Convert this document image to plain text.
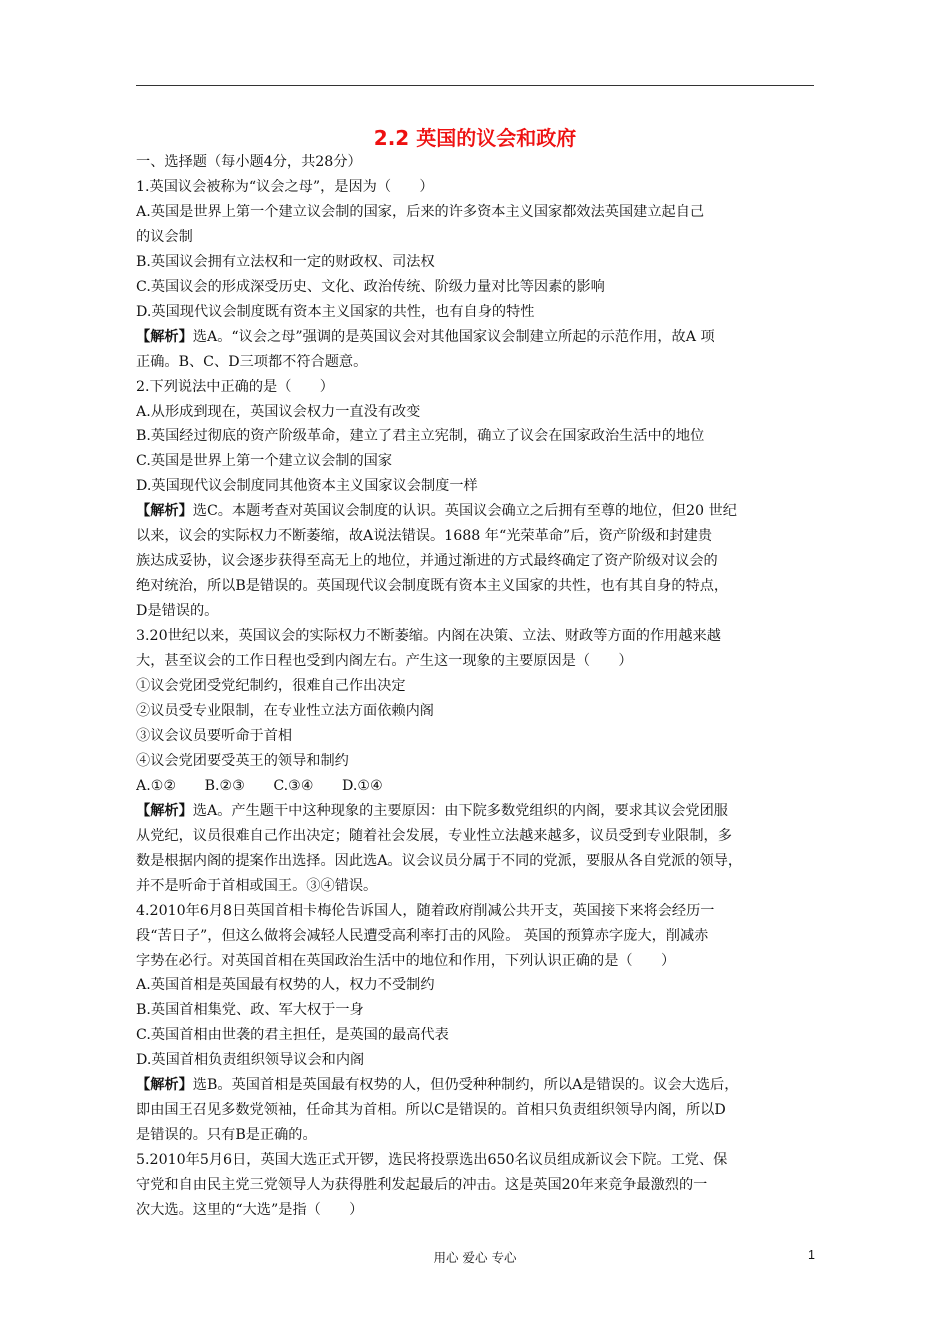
2.2 英国的议会和政府
一、选择题（每小题4分，共28分）
1.英国议会被称为“议会之母”，是因为（　　）
A.英国是世界上第一个建立议会制的国家，后来的许多资本主义国家都效法英国建立起自己
的议会制
B.英国议会拥有立法权和一定的财政权、司法权
C.英国议会的形成深受历史、文化、政治传统、阶级力量对比等因素的影响
D.英国现代议会制度既有资本主义国家的共性，也有自身的特性
【解析】选A。“议会之母”强调的是英国议会对其他国家议会制建立所起的示范作用，故A 项
正确。B、C、D三项都不符合题意。
2.下列说法中正确的是（　　）
A.从形成到现在，英国议会权力一直没有改变
B.英国经过彻底的资产阶级革命，建立了君主立宪制，确立了议会在国家政治生活中的地位
C.英国是世界上第一个建立议会制的国家
D.英国现代议会制度同其他资本主义国家议会制度一样
【解析】选C。本题考查对英国议会制度的认识。英国议会确立之后拥有至尊的地位，但20 世纪
以来，议会的实际权力不断萎缩，故A说法错误。1688 年“光荣革命”后，资产阶级和封建贵
族达成妥协，议会逐步获得至高无上的地位，并通过渐进的方式最终确定了资产阶级对议会的
绝对统治，所以B是错误的。英国现代议会制度既有资本主义国家的共性，也有其自身的特点，
D是错误的。
3.20世纪以来，英国议会的实际权力不断萎缩。内阁在决策、立法、财政等方面的作用越来越
大，甚至议会的工作日程也受到内阁左右。产生这一现象的主要原因是（　　）
①议会党团受党纪制约，很难自己作出决定
②议员受专业限制，在专业性立法方面依赖内阁
③议会议员要听命于首相
④议会党团要受英王的领导和制约
A.①②　　B.②③　　C.③④　　D.①④
【解析】选A。产生题干中这种现象的主要原因：由下院多数党组织的内阁，要求其议会党团服
从党纪，议员很难自己作出决定；随着社会发展，专业性立法越来越多，议员受到专业限制，多
数是根据内阁的提案作出选择。因此选A。议会议员分属于不同的党派，要服从各自党派的领导，
并不是听命于首相或国王。③④错误。
4.2010年6月8日英国首相卡梅伦告诉国人，随着政府削减公共开支，英国接下来将会经历一
段“苦日子”，但这么做将会减轻人民遭受高利率打击的风险。 英国的预算赤字庞大，削减赤
字势在必行。对英国首相在英国政治生活中的地位和作用，下列认识正确的是（　　）
A.英国首相是英国最有权势的人，权力不受制约
B.英国首相集党、政、军大权于一身
C.英国首相由世袭的君主担任，是英国的最高代表
D.英国首相负责组织领导议会和内阁
【解析】选B。英国首相是英国最有权势的人，但仍受种种制约，所以A是错误的。议会大选后，
即由国王召见多数党领袖，任命其为首相。所以C是错误的。首相只负责组织领导内阁，所以D
是错误的。只有B是正确的。
5.2010年5月6日，英国大选正式开锣，选民将投票选出650名议员组成新议会下院。工党、保
守党和自由民主党三党领导人为获得胜利发起最后的冲击。这是英国20年来竞争最激烈的一
次大选。这里的“大选”是指（　　）
用心 爱心 专心	1
